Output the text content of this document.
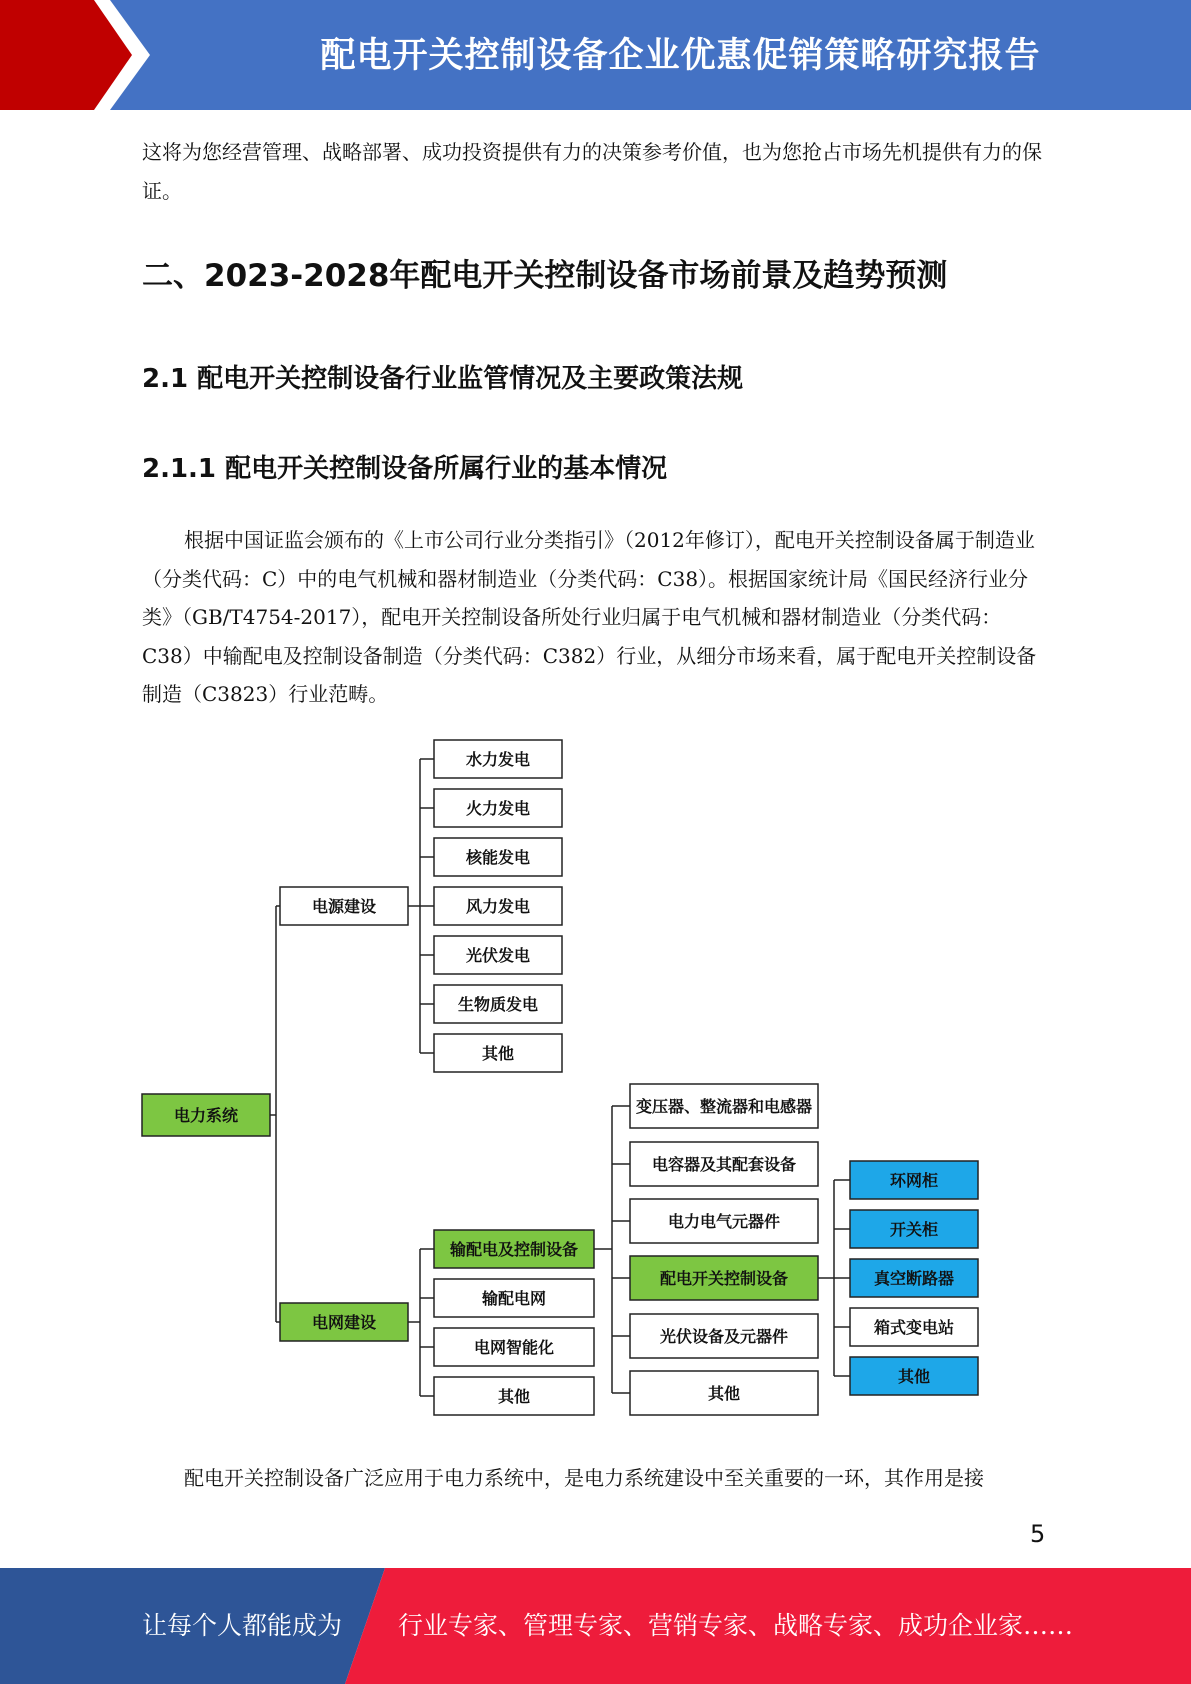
配电开关控制设备企业优惠促销策略研究报告

这将为您经营管理、战略部署、成功投资提供有力的决策参考价值，也为您抢占市场先机提供有力的保证。

二、2023-2028年配电开关控制设备市场前景及趋势预测
2.1 配电开关控制设备行业监管情况及主要政策法规
2.1.1 配电开关控制设备所属行业的基本情况

根据中国证监会颁布的《上市公司行业分类指引》（2012年修订），配电开关控制设备属于制造业（分类代码：C）中的电气机械和器材制造业（分类代码：C38）。根据国家统计局《国民经济行业分类》（GB/T4754-2017），配电开关控制设备所处行业归属于电气机械和器材制造业（分类代码：C38）中输配电及控制设备制造（分类代码：C382）行业，从细分市场来看，属于配电开关控制设备制造（C3823）行业范畴。

电力系统
电源建设
水力发电
火力发电
核能发电
风力发电
光伏发电
生物质发电
其他
电网建设
输配电及控制设备
输配电网
电网智能化
其他
变压器、整流器和电感器
电容器及其配套设备
电力电气元器件
配电开关控制设备
光伏设备及元器件
其他
环网柜
开关柜
真空断路器
箱式变电站
其他

配电开关控制设备广泛应用于电力系统中，是电力系统建设中至关重要的一环，其作用是接

5
让每个人都能成为 行业专家、管理专家、营销专家、战略专家、成功企业家……
